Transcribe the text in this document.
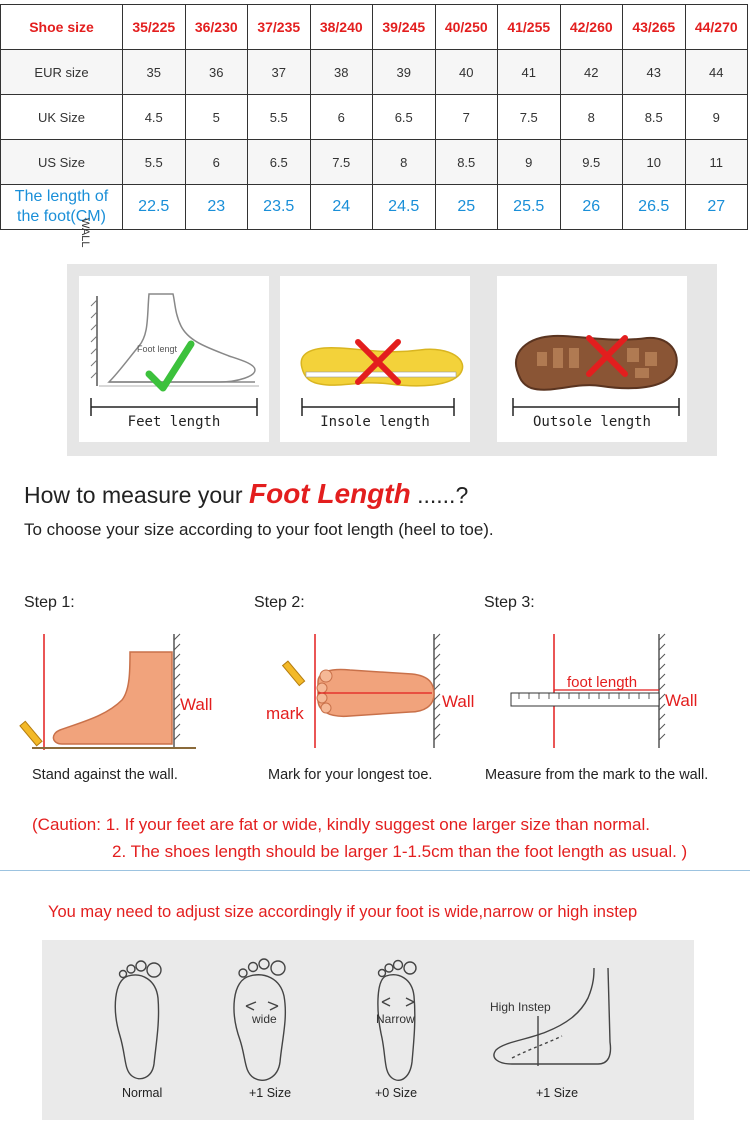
Shoe size	35/225	36/230	37/235	38/240	39/245	40/250	41/255	42/260	43/265	44/270
EUR size	35	36	37	38	39	40	41	42	43	44
UK Size	4.5	5	5.5	6	6.5	7	7.5	8	8.5	9
US Size	5.5	6	6.5	7.5	8	8.5	9	9.5	10	11

The length of
the foot(CM)	22.5	23	23.5	24	24.5	25	25.5	26	26.5	27
WALL
Foot lengt
Feet length	Insole length	Outsole length
How to measure your Foot Length ......?
To choose your size according to your foot length (heel to toe).
Step 1:	Step 2:	Step 3:
Wall
Stand against the wall.
mark
Wall
Mark for your longest toe.
foot length
Wall
Measure from the mark to the wall.
(Caution: 1. If your feet are fat or wide, kindly suggest one larger size than normal.
2. The shoes length should be larger 1-1.5cm than the foot length as usual. )
You may need to adjust size accordingly if your foot is wide,narrow or high instep
wide	Narrow
High Instep
Normal	+1 Size	+0 Size	+1 Size
